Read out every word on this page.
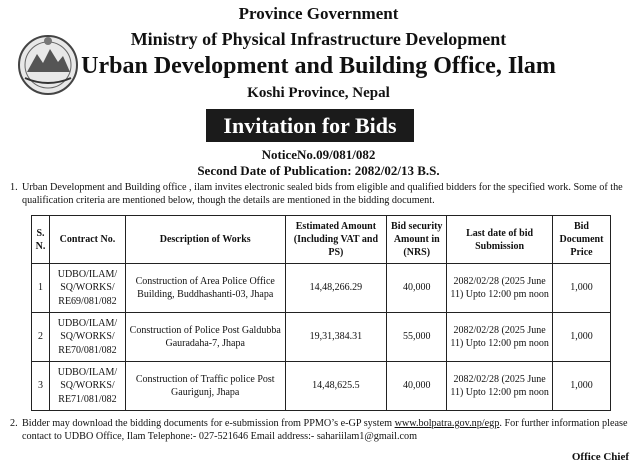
Province Government
Ministry of Physical Infrastructure Development
Urban Development and Building Office, Ilam
Koshi Province, Nepal
Invitation for Bids
NoticeNo.09/081/082
Second Date of Publication: 2082/02/13 B.S.
1. Urban Development and Building office , ilam invites electronic sealed bids from eligible and qualified bidders for the specified work. Some of the qualification criteria are mentioned below, though the details are mentioned in the bidding document.
S. N.	Contract No.	Description of Works	Estimated Amount (Including VAT and PS)	Bid security Amount in (NRS)	Last date of bid Submission	Bid Document Price
1	UDBO/ILAM/ SQ/WORKS/ RE69/081/082	Construction of Area Police Office Building, Buddhashanti-03, Jhapa	14,48,266.29	40,000	2082/02/28 (2025 June 11) Upto 12:00 pm noon	1,000
2	UDBO/ILAM/ SQ/WORKS/ RE70/081/082	Construction of Police Post Galdubba Gauradaha-7, Jhapa	19,31,384.31	55,000	2082/02/28 (2025 June 11) Upto 12:00 pm noon	1,000
3	UDBO/ILAM/ SQ/WORKS/ RE71/081/082	Construction of Traffic police Post Gaurigunj, Jhapa	14,48,625.5	40,000	2082/02/28 (2025 June 11) Upto 12:00 pm noon	1,000
2. Bidder may download the bidding documents for e-submission from PPMO’s e-GP system www.bolpatra.gov.np/egp. For further information please contact to UDBO Office, Ilam Telephone:- 027-521646 Email address:- sahariilam1@gmail.com
Office Chief
